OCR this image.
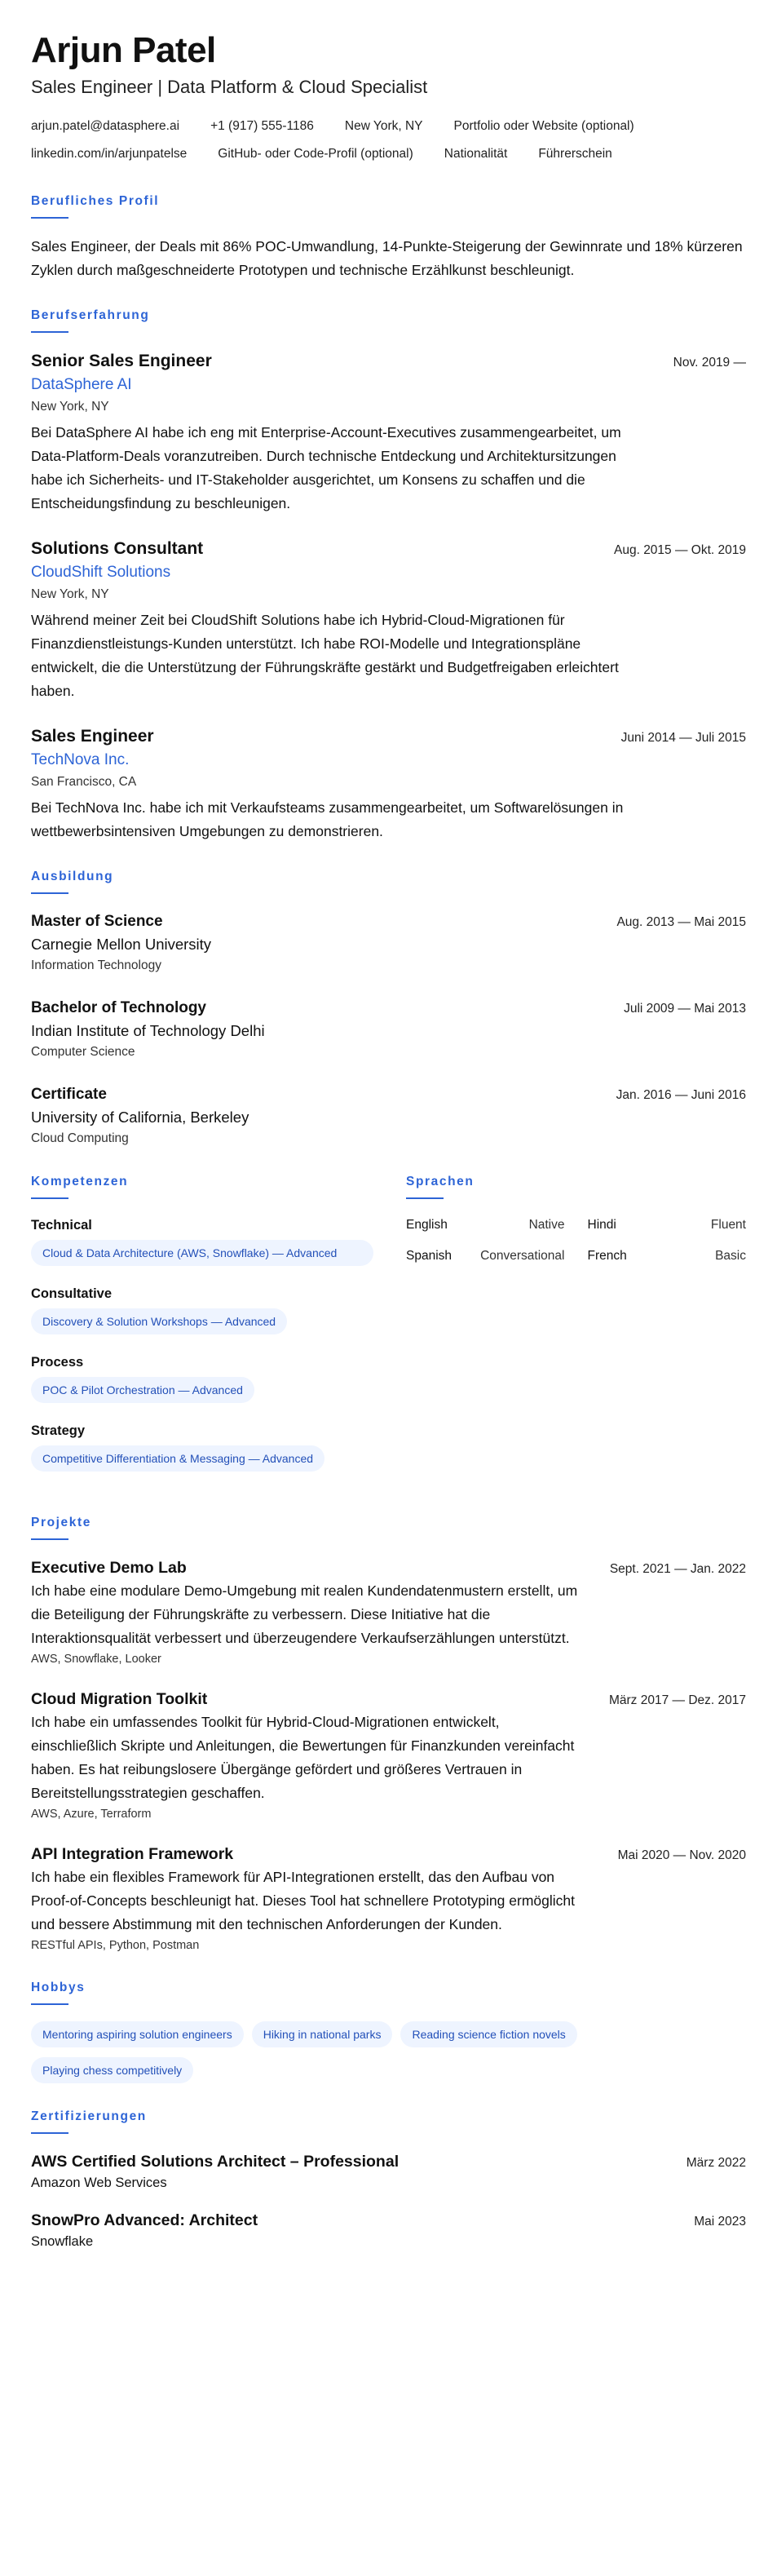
Arjun Patel
Sales Engineer | Data Platform & Cloud Specialist
arjun.patel@datasphere.ai +1 (917) 555-1186 New York, NY Portfolio oder Website (optional)
linkedin.com/in/arjunpatelse GitHub- oder Code-Profil (optional) Nationalität Führerschein
Berufliches Profil

Sales Engineer, der Deals mit 86% POC-Umwandlung, 14-Punkte-Steigerung der Gewinnrate und 18% kürzeren Zyklen durch maßgeschneiderte Prototypen und technische Erzählkunst beschleunigt.

Berufserfahrung
Senior Sales Engineer	Nov. 2019 —
DataSphere AI
New York, NY

Bei DataSphere AI habe ich eng mit Enterprise-Account-Executives zusammengearbeitet, um Data-Platform-Deals voranzutreiben. Durch technische Entdeckung und Architektursitzungen habe ich Sicherheits- und IT-Stakeholder ausgerichtet, um Konsens zu schaffen und die Entscheidungsfindung zu beschleunigen.

Solutions Consultant	Aug. 2015 — Okt. 2019
CloudShift Solutions
New York, NY

Während meiner Zeit bei CloudShift Solutions habe ich Hybrid-Cloud-Migrationen für Finanzdienstleistungs-Kunden unterstützt. Ich habe ROI-Modelle und Integrationspläne entwickelt, die die Unterstützung der Führungskräfte gestärkt und Budgetfreigaben erleichtert haben.

Sales Engineer	Juni 2014 — Juli 2015
TechNova Inc.
San Francisco, CA

Bei TechNova Inc. habe ich mit Verkaufsteams zusammengearbeitet, um Softwarelösungen in wettbewerbsintensiven Umgebungen zu demonstrieren.

Ausbildung
Master of Science	Aug. 2013 — Mai 2015
Carnegie Mellon University
Information Technology
Bachelor of Technology	Juli 2009 — Mai 2013
Indian Institute of Technology Delhi
Computer Science
Certificate	Jan. 2016 — Juni 2016
University of California, Berkeley
Cloud Computing
Kompetenzen
Technical
Cloud & Data Architecture (AWS, Snowflake) — Advanced
Consultative
Discovery & Solution Workshops — Advanced
Process
POC & Pilot Orchestration — Advanced
Strategy
Competitive Differentiation & Messaging — Advanced
Sprachen
English	Native Hindi	Fluent
Spanish Conversational French	Basic
Projekte
Executive Demo Lab	Sept. 2021 — Jan. 2022

Ich habe eine modulare Demo-Umgebung mit realen Kundendatenmustern erstellt, um die Beteiligung der Führungskräfte zu verbessern. Diese Initiative hat die Interaktionsqualität verbessert und überzeugendere Verkaufserzählungen unterstützt.

AWS, Snowflake, Looker
Cloud Migration Toolkit	März 2017 — Dez. 2017

Ich habe ein umfassendes Toolkit für Hybrid-Cloud-Migrationen entwickelt, einschließlich Skripte und Anleitungen, die Bewertungen für Finanzkunden vereinfacht haben. Es hat reibungslosere Übergänge gefördert und größeres Vertrauen in Bereitstellungsstrategien geschaffen.

AWS, Azure, Terraform
API Integration Framework	Mai 2020 — Nov. 2020

Ich habe ein flexibles Framework für API-Integrationen erstellt, das den Aufbau von Proof-of-Concepts beschleunigt hat. Dieses Tool hat schnellere Prototyping ermöglicht und bessere Abstimmung mit den technischen Anforderungen der Kunden.

RESTful APIs, Python, Postman
Hobbys
Mentoring aspiring solution engineers	Hiking in national parks	Reading science fiction novels
Playing chess competitively
Zertifizierungen
AWS Certified Solutions Architect – Professional	März 2022
Amazon Web Services
SnowPro Advanced: Architect	Mai 2023
Snowflake
